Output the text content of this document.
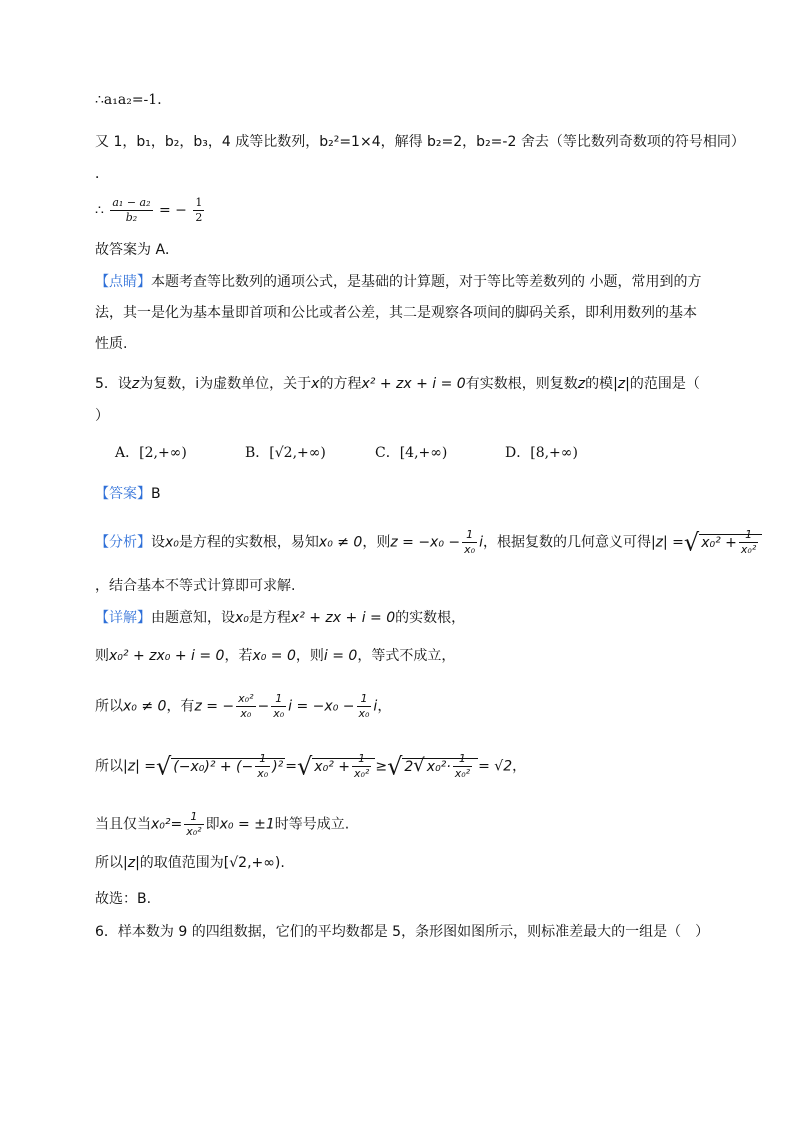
∴a₁a₂=-1．
又 1，b₁，b₂，b₃，4 成等比数列，b₂²=1×4，解得 b₂=2，b₂=-2 舍去（等比数列奇数项的符号相同）
．
∴ $\frac{\text{a₁ − a₂}}{\text{b₂}}$ = − $\frac{1}{2}$
故答案为 A．
【点睛】本题考查等比数列的通项公式，是基础的计算题，对于等比等差数列的 小题，常用到的方
法，其一是化为基本量即首项和公比或者公差，其二是观察各项间的脚码关系，即利用数列的基本
性质.
5．设z为复数，i为虚数单位，关于x的方程x² + zx + i = 0有实数根，则复数z的模|z|的范围是（
）
A．[2,+∞)	B．[√2,+∞)	C．[4,+∞)	D．[8,+∞)
【答案】B
【分析】设x₀是方程的实数根，易知x₀ ≠ 0，则$z = -x_0 - \frac{1}{\text{x₀}}$ i，根据复数的几何意义可得|z| =√ $x_0^2 + \frac{1}{\text{x₀²}}$
，结合基本不等式计算即可求解.
【详解】由题意知，设x₀是方程x² + zx + i = 0的实数根，
则x₀² + zx₀ + i = 0，若x₀ = 0，则i = 0，等式不成立，
所以x₀ ≠ 0，有z = − $\frac{\text{x₀²}}{\text{x₀}} - \frac{1}{\text{x₀}}$ $i = -x_0 - \frac{1}{\text{x₀}}$ i，
所以|z| =√ (−x₀)² + (− $\frac{1}{\text{x₀}} )^2$ =√ $x_0^2 + \frac{1}{\text{x₀²}}$ ≥√ 2√ $x_0^2\cdot \frac{1}{\text{x₀²}} = √2$，
当且仅当$x_0^2= \frac{1}{\text{x₀²}}$ 即x₀ = ±1时等号成立.
所以|z|的取值范围为[√2,+∞).
故选：B.
6．样本数为 9 的四组数据，它们的平均数都是 5，条形图如图所示，则标准差最大的一组是（　）
